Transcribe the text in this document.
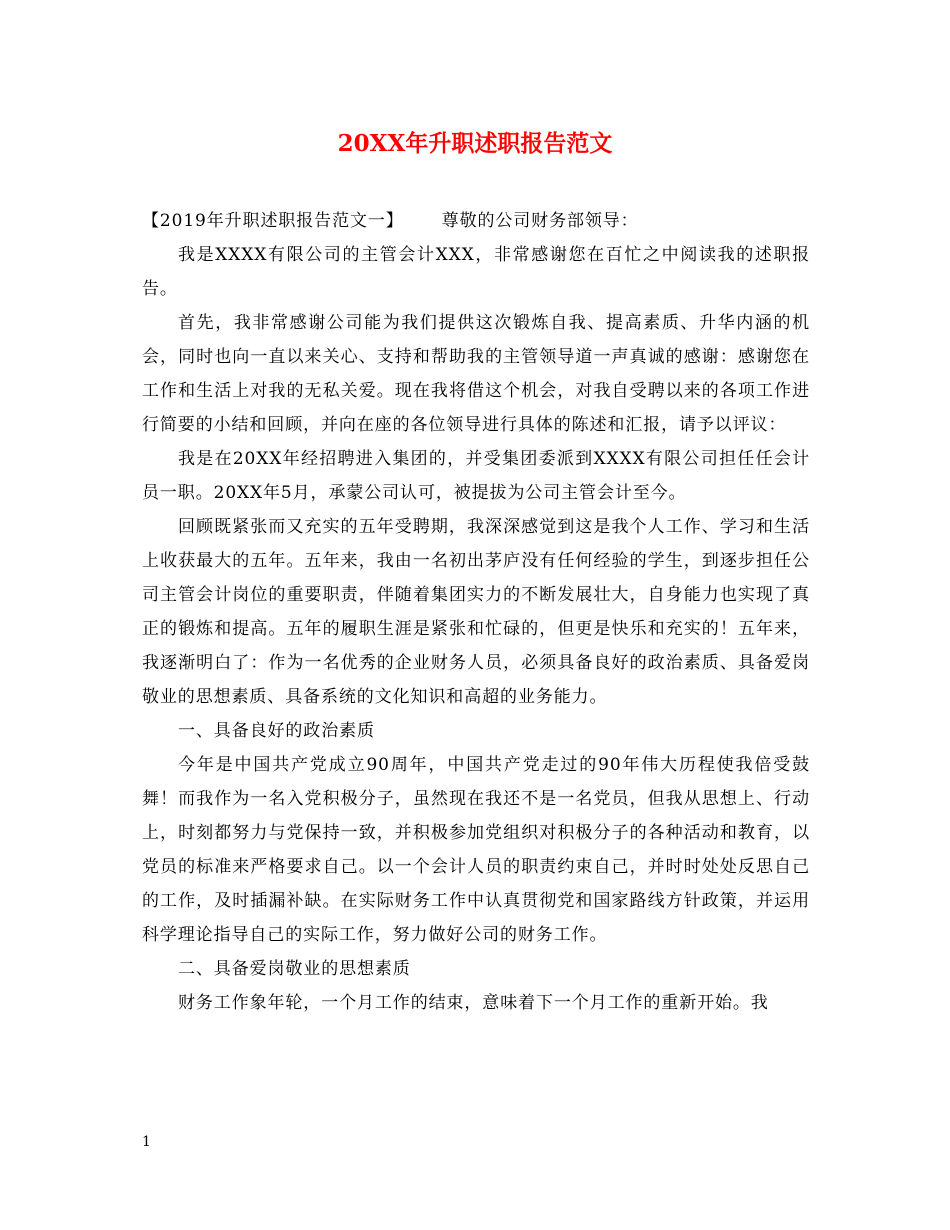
20XX年升职述职报告范文

【2019年升职述职报告范文一】 尊敬的公司财务部领导：

我是XXXX有限公司的主管会计XXX，非常感谢您在百忙之中阅读我的述职报告。

首先，我非常感谢公司能为我们提供这次锻炼自我、提高素质、升华内涵的机会，同时也向一直以来关心、支持和帮助我的主管领导道一声真诚的感谢：感谢您在工作和生活上对我的无私关爱。现在我将借这个机会，对我自受聘以来的各项工作进行简要的小结和回顾，并向在座的各位领导进行具体的陈述和汇报，请予以评议：

我是在20XX年经招聘进入集团的，并受集团委派到XXXX有限公司担任任会计员一职。20XX年5月，承蒙公司认可，被提拔为公司主管会计至今。

回顾既紧张而又充实的五年受聘期，我深深感觉到这是我个人工作、学习和生活上收获最大的五年。五年来，我由一名初出茅庐没有任何经验的学生，到逐步担任公司主管会计岗位的重要职责，伴随着集团实力的不断发展壮大，自身能力也实现了真正的锻炼和提高。五年的履职生涯是紧张和忙碌的，但更是快乐和充实的！五年来，我逐渐明白了：作为一名优秀的企业财务人员，必须具备良好的政治素质、具备爱岗敬业的思想素质、具备系统的文化知识和高超的业务能力。

一、具备良好的政治素质

今年是中国共产党成立90周年，中国共产党走过的90年伟大历程使我倍受鼓舞！而我作为一名入党积极分子，虽然现在我还不是一名党员，但我从思想上、行动上，时刻都努力与党保持一致，并积极参加党组织对积极分子的各种活动和教育，以党员的标准来严格要求自己。以一个会计人员的职责约束自己，并时时处处反思自己的工作，及时插漏补缺。在实际财务工作中认真贯彻党和国家路线方针政策，并运用科学理论指导自己的实际工作，努力做好公司的财务工作。

二、具备爱岗敬业的思想素质

财务工作象年轮，一个月工作的结束，意味着下一个月工作的重新开始。我

1
